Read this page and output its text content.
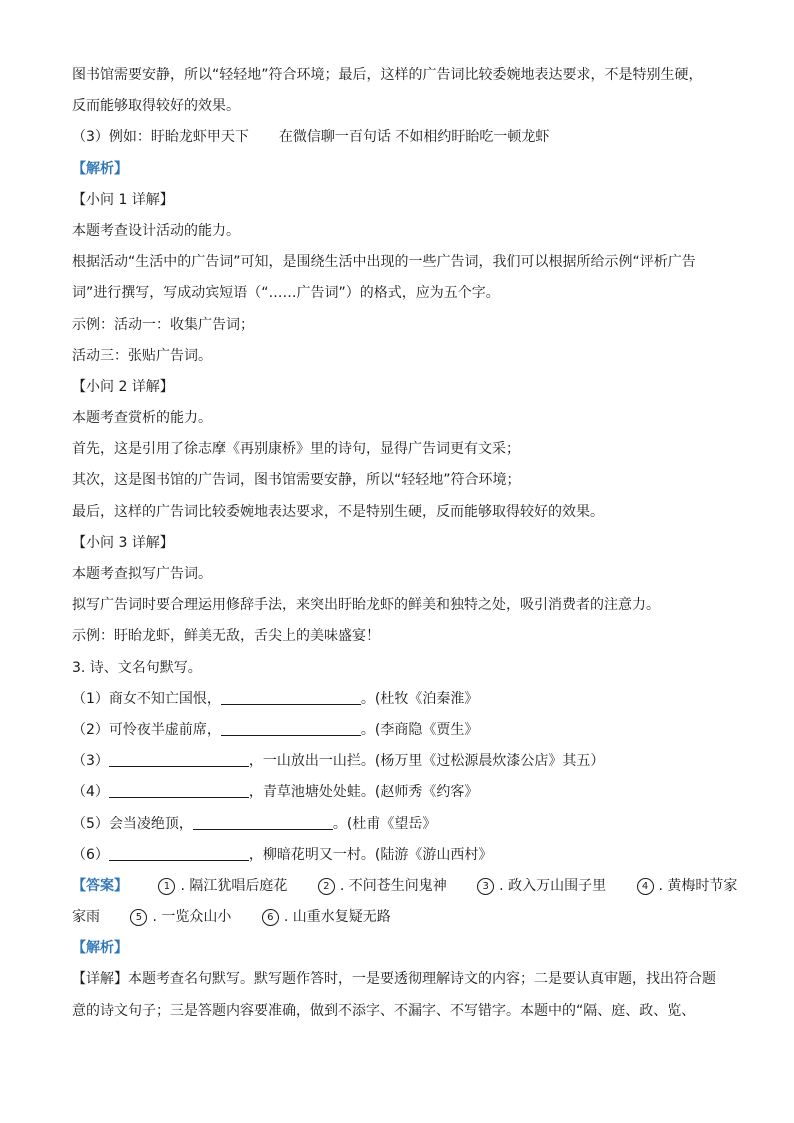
图书馆需要安静，所以“轻轻地”符合环境；最后，这样的广告词比较委婉地表达要求，不是特别生硬，
反而能够取得较好的效果。
（3）例如：盱眙龙虾甲天下 在微信聊一百句话 不如相约盱眙吃一顿龙虾
【解析】
【小问 1 详解】
本题考查设计活动的能力。
根据活动“生活中的广告词”可知，是围绕生活中出现的一些广告词，我们可以根据所给示例“评析广告
词”进行撰写，写成动宾短语（“……广告词”）的格式，应为五个字。
示例：活动一：收集广告词；
活动三：张贴广告词。
【小问 2 详解】
本题考查赏析的能力。
首先，这是引用了徐志摩《再别康桥》里的诗句，显得广告词更有文采；
其次，这是图书馆的广告词，图书馆需要安静，所以“轻轻地”符合环境；
最后，这样的广告词比较委婉地表达要求，不是特别生硬，反而能够取得较好的效果。
【小问 3 详解】
本题考查拟写广告词。
拟写广告词时要合理运用修辞手法，来突出盱眙龙虾的鲜美和独特之处，吸引消费者的注意力。
示例：盱眙龙虾，鲜美无敌，舌尖上的美味盛宴！
3. 诗、文名句默写。
（1）商女不知亡国恨，	。(杜牧《泊秦淮》
（2）可怜夜半虚前席，	。(李商隐《贾生》
（3）	，一山放出一山拦。(杨万里《过松源晨炊漆公店》其五）
（4）	，青草池塘处处蛙。(赵师秀《约客》
（5）会当凌绝顶，	。(杜甫《望岳》
（6）	，柳暗花明又一村。(陆游《游山西村》
【答案】	1 . 隔江犹唱后庭花	2 . 不问苍生问鬼神	3 . 政入万山围子里	4 . 黄梅时节家
家雨	5 . 一览众山小	6 . 山重水复疑无路
【解析】
【详解】本题考查名句默写。默写题作答时，一是要透彻理解诗文的内容；二是要认真审题，找出符合题
意的诗文句子；三是答题内容要准确，做到不添字、不漏字、不写错字。本题中的“隔、庭、政、览、
